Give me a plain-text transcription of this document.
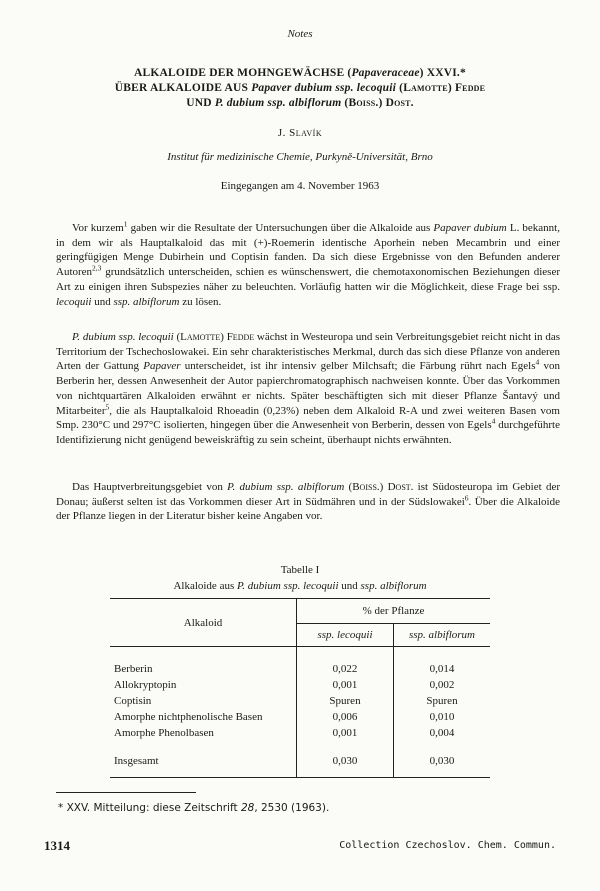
Notes
ALKALOIDE DER MOHNGEWÄCHSE (Papaveraceae) XXVI.*
ÜBER ALKALOIDE AUS Papaver dubium ssp. lecoquii (Lamotte) Fedde
UND P. dubium ssp. albiflorum (Boiss.) Dost.
J. Slavík
Institut für medizinische Chemie, Purkyně-Universität, Brno
Eingegangen am 4. November 1963

Vor kurzem$^1$ gaben wir die Resultate der Untersuchungen über die Alkaloide aus Papaver dubium L. bekannt, in dem wir als Hauptalkaloid das mit (+)-Roemerin identische Aporhein neben Mecambrin und einer geringfügigen Menge Dubirhein und Coptisin fanden. Da sich diese Ergebnisse von den Befunden anderer Autoren$^{2,3}$ grundsätzlich unterscheiden, schien es wünschenswert, die chemotaxonomischen Beziehungen dieser Art zu einigen ihren Subspezies näher zu beleuchten. Vorläufig hatten wir die Möglichkeit, diese Frage bei ssp. lecoquii und ssp. albiflorum zu lösen.

P. dubium ssp. lecoquii (Lamotte) Fedde wächst in Westeuropa und sein Verbreitungsgebiet reicht nicht in das Territorium der Tschechoslowakei. Ein sehr charakteristisches Merkmal, durch das sich diese Pflanze von anderen Arten der Gattung Papaver unterscheidet, ist ihr intensiv gelber Milchsaft; die Färbung rührt nach Egels$^4$ von Berberin her, dessen Anwesenheit der Autor papierchromatographisch nachweisen konnte. Über das Vorkommen von nichtquartären Alkaloiden erwähnt er nichts. Später beschäftigten sich mit dieser Pflanze Šantavý und Mitarbeiter$^5$, die als Hauptalkaloid Rhoeadin (0,23%) neben dem Alkaloid R-A und zwei weiteren Basen vom Smp. 230°C und 297°C isolierten, hingegen über die Anwesenheit von Berberin, dessen von Egels$^4$ durchgeführte Identifizierung nicht genügend beweiskräftig zu sein scheint, überhaupt nichts erwähnten.

Das Hauptverbreitungsgebiet von P. dubium ssp. albiflorum (Boiss.) Dost. ist Südosteuropa im Gebiet der Donau; äußerst selten ist das Vorkommen dieser Art in Südmähren und in der Südslowakei$^6$. Über die Alkaloide der Pflanze liegen in der Literatur bisher keine Angaben vor.

Tabelle I
Alkaloide aus P. dubium ssp. lecoquii und ssp. albiflorum
Alkaloid	% der Pflanze	
	ssp. lecoquii	ssp. albiflorum

Berberin	0,022	0,014
Allokryptopin	0,001	0,002
Coptisin	Spuren	Spuren
Amorphe nichtphenolische Basen	0,006	0,010
Amorphe Phenolbasen	0,001	0,004

Insgesamt	0,030	0,030
* XXV. Mitteilung: diese Zeitschrift 28, 2530 (1963).
1314	Collection Czechoslov. Chem. Commun.
